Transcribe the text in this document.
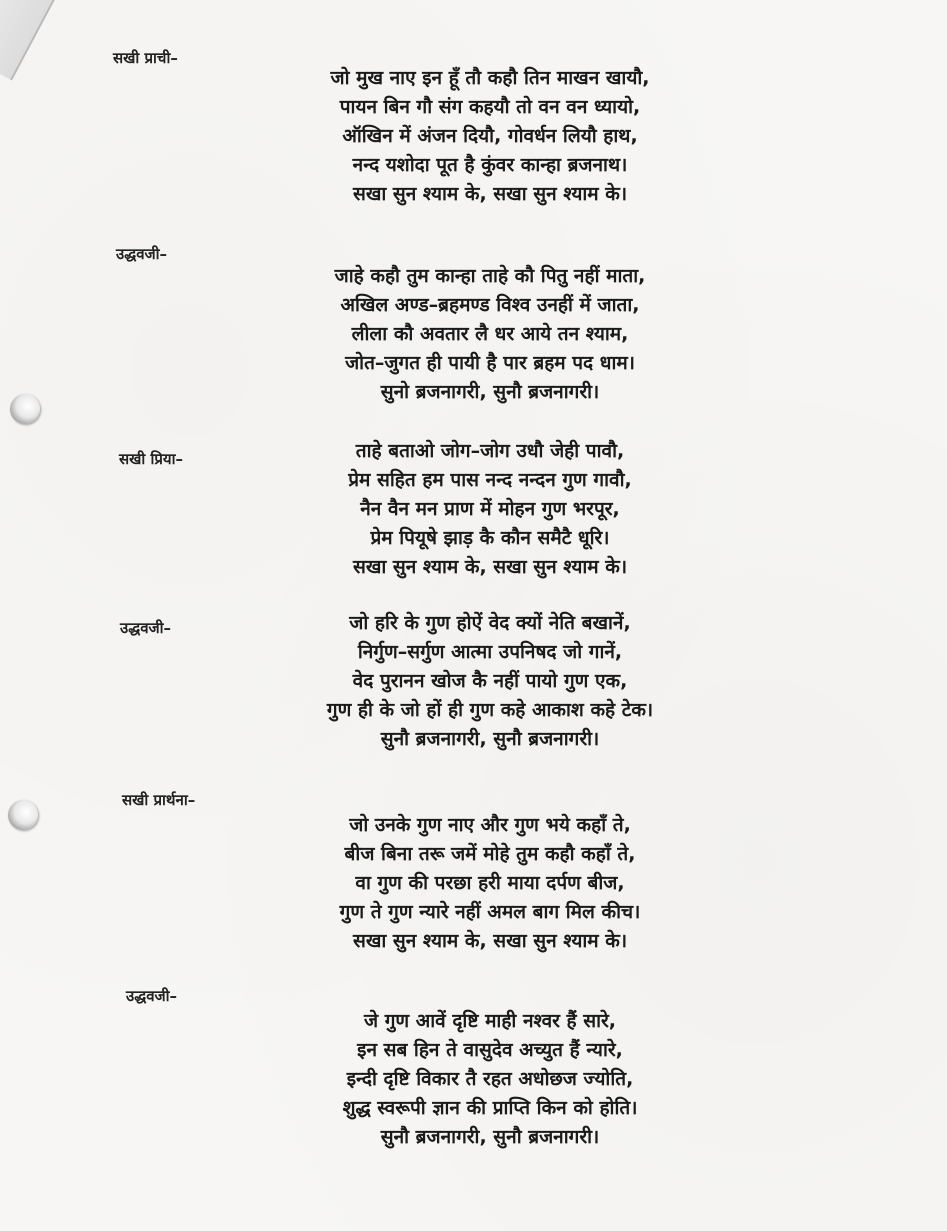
सखी प्राची–
जो मुख नाए इन हूँ तौ कहौ तिन माखन खायौ,
पायन बिन गौ संग कहयौ तो वन वन ध्यायो,
ऑखिन में अंजन दियौ, गोवर्धन लियौ हाथ,
नन्द यशोदा पूत है कुंवर कान्हा ब्रजनाथ।
सखा सुन श्याम के, सखा सुन श्याम के।
उद्धवजी–
जाहे कहौ तुम कान्हा ताहे कौ पितु नहीं माता,
अखिल अण्ड–ब्रहमण्ड विश्व उनहीं में जाता,
लीला कौ अवतार लै धर आये तन श्याम,
जोत–जुगत ही पायी है पार ब्रहम पद धाम।
सुनो ब्रजनागरी, सुनौ ब्रजनागरी।
सखी प्रिया–	ताहे बताओ जोग–जोग उधौ जेही पावौ,
प्रेम सहित हम पास नन्द नन्दन गुण गावौ,
नैन वैन मन प्राण में मोहन गुण भरपूर,
प्रेम पियूषे झाड़ कै कौन समैटै धूरि।
सखा सुन श्याम के, सखा सुन श्याम के।
उद्धवजी–	जो हरि के गुण होऐं वेद क्यों नेति बखानें,
निर्गुण–सर्गुण आत्मा उपनिषद जो गानें,
वेद पुरानन खोज कै नहीं पायो गुण एक,
गुण ही के जो हों ही गुण कहे आकाश कहे टेक।
सुनौ ब्रजनागरी, सुनौ ब्रजनागरी।
सखी प्रार्थना–
जो उनके गुण नाए और गुण भये कहॉं ते,
बीज बिना तरू जमें मोहे तुम कहौ कहॉं ते,
वा गुण की परछा हरी माया दर्पण बीज,
गुण ते गुण न्यारे नहीं अमल बाग मिल कीच।
सखा सुन श्याम के, सखा सुन श्याम के।
उद्धवजी–
जे गुण आवें दृष्टि माही नश्वर हैं सारे,
इन सब हिन ते वासुदेव अच्युत हैं न्यारे,
इन्दी दृष्टि विकार तै रहत अधोछज ज्योति,
शुद्ध स्वरूपी ज्ञान की प्राप्ति किन को होति।
सुनौ ब्रजनागरी, सुनौ ब्रजनागरी।
